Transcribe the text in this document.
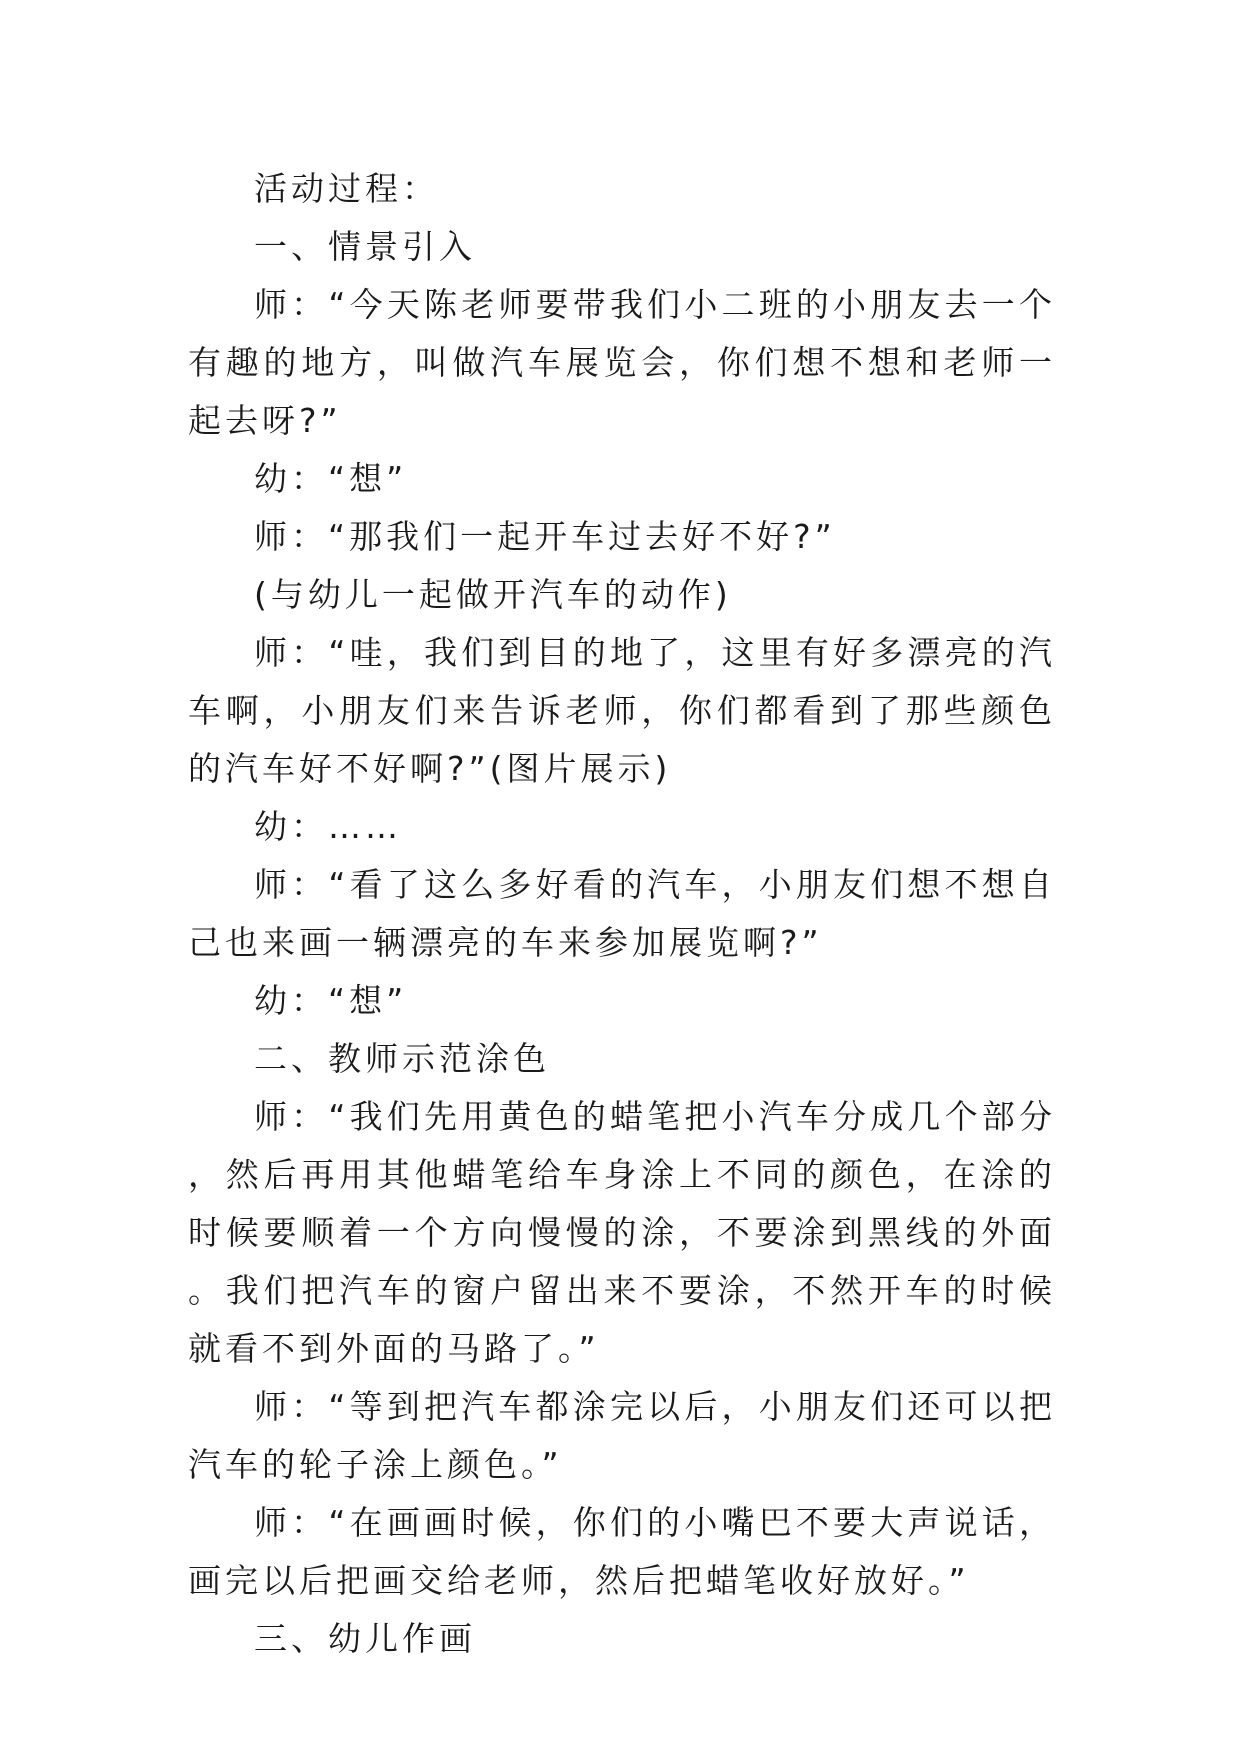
活动过程：

一、情景引入

师：“今天陈老师要带我们小二班的小朋友去一个有趣的地方，叫做汽车展览会，你们想不想和老师一起去呀?”

幼：“想”

师：“那我们一起开车过去好不好?”

(与幼儿一起做开汽车的动作)

师：“哇，我们到目的地了，这里有好多漂亮的汽车啊，小朋友们来告诉老师，你们都看到了那些颜色的汽车好不好啊?”(图片展示)

幼：……

师：“看了这么多好看的汽车，小朋友们想不想自己也来画一辆漂亮的车来参加展览啊?”

幼：“想”

二、教师示范涂色

师：“我们先用黄色的蜡笔把小汽车分成几个部分，然后再用其他蜡笔给车身涂上不同的颜色，在涂的时候要顺着一个方向慢慢的涂，不要涂到黑线的外面。我们把汽车的窗户留出来不要涂，不然开车的时候就看不到外面的马路了。”

师：“等到把汽车都涂完以后，小朋友们还可以把汽车的轮子涂上颜色。”

师：“在画画时候，你们的小嘴巴不要大声说话，画完以后把画交给老师，然后把蜡笔收好放好。”

三、幼儿作画
